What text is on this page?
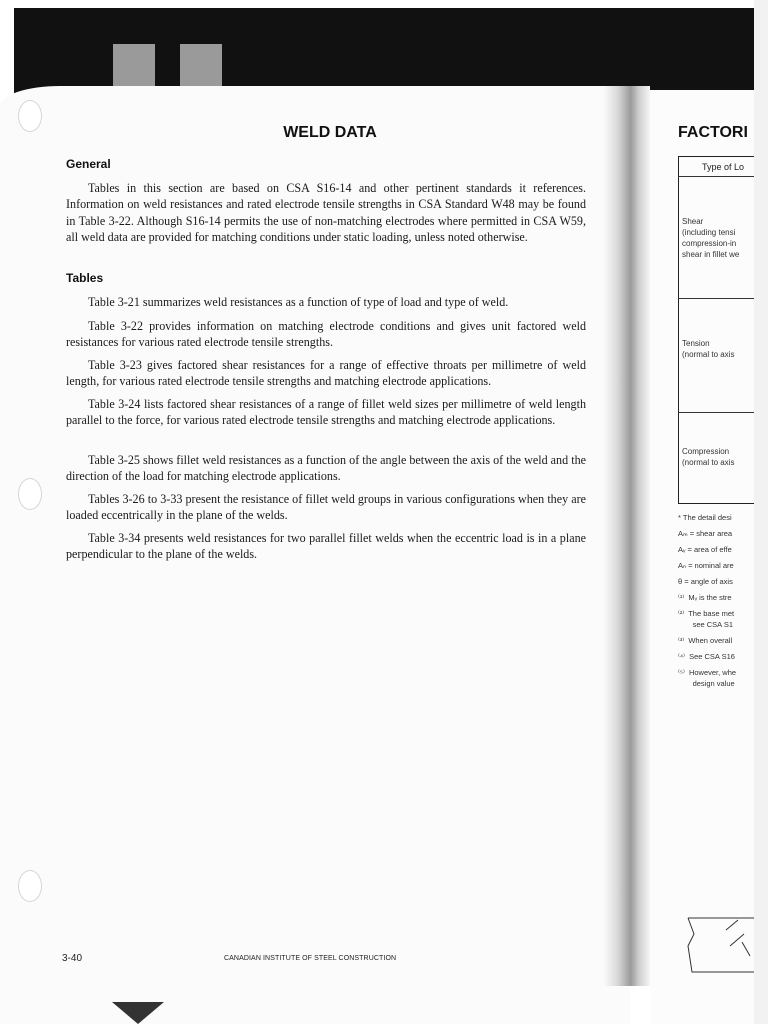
WELD DATA
General

Tables in this section are based on CSA S16-14 and other pertinent standards it references. Information on weld resistances and rated electrode tensile strengths in CSA Standard W48 may be found in Table 3-22. Although S16-14 permits the use of non-matching electrodes where permitted in CSA W59, all weld data are provided for matching conditions under static loading, unless noted otherwise.

Tables

Table 3-21 summarizes weld resistances as a function of type of load and type of weld.

Table 3-22 provides information on matching electrode conditions and gives unit factored weld resistances for various rated electrode tensile strengths.

Table 3-23 gives factored shear resistances for a range of effective throats per millimetre of weld length, for various rated electrode tensile strengths and matching electrode applications.

Table 3-24 lists factored shear resistances of a range of fillet weld sizes per millimetre of weld length parallel to the force, for various rated electrode tensile strengths and matching electrode applications.

Table 3-25 shows fillet weld resistances as a function of the angle between the axis of the weld and the direction of the load for matching electrode applications.

Tables 3-26 to 3-33 present the resistance of fillet weld groups in various configurations when they are loaded eccentrically in the plane of the welds.

Table 3-34 presents weld resistances for two parallel fillet welds when the eccentric load is in a plane perpendicular to the plane of the welds.

3-40	CANADIAN INSTITUTE OF STEEL CONSTRUCTION
FACTORI
Type of Lo
Shear
(including tensi
compression-in
shear in fillet we
Tension
(normal to axis
Compression
(normal to axis
* The detail desi
Aₘ = shear area
Aᵥ = area of effe
Aₙ = nominal are
θ = angle of axis
⁽¹⁾  Mᵥ is the stre
⁽²⁾  The base met
see CSA S1
⁽³⁾  When overall
⁽⁴⁾  See CSA S16
⁽⁵⁾  However, whe
design value
